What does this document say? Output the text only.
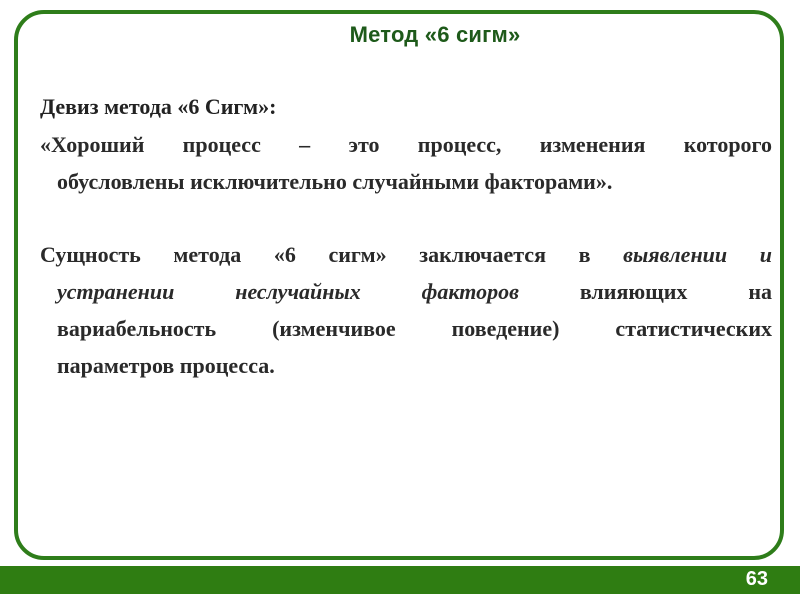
Метод «6 сигм»
Девиз метода «6 Сигм»:
«Хороший процесс – это процесс, изменения которого
обусловлены исключительно случайными факторами».
Сущность метода «6 сигм» заключается в выявлении и
устранении неслучайных факторов влияющих на
вариабельность (изменчивое поведение) статистических
параметров процесса.
63
